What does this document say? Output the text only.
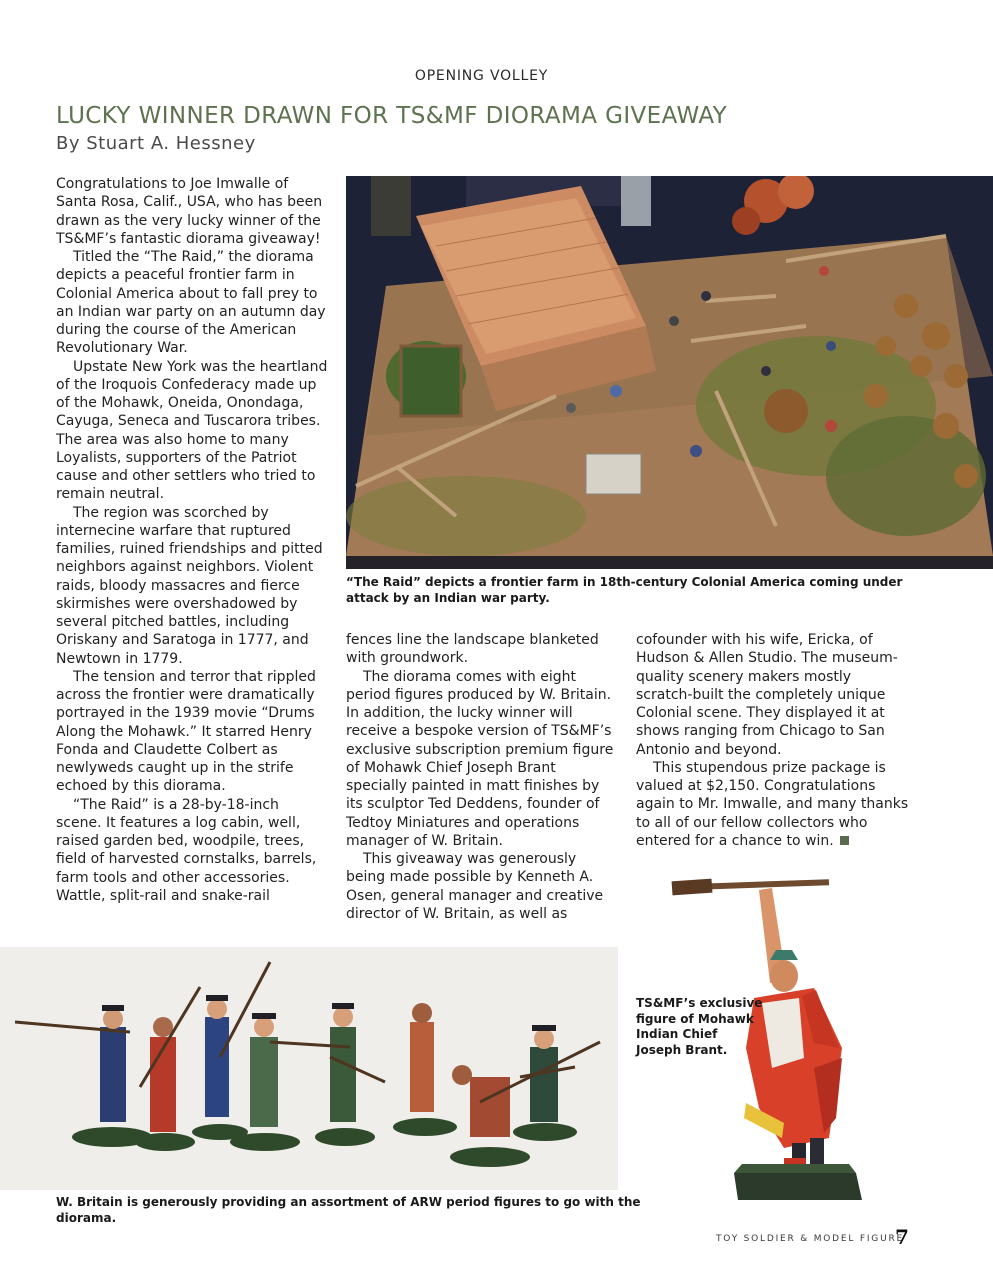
OPENING VOLLEY
LUCKY WINNER DRAWN FOR TS&MF DIORAMA GIVEAWAY
By Stuart A. Hessney

Congratulations to Joe Imwalle of Santa Rosa, Calif., USA, who has been drawn as the very lucky winner of the TS&MF’s fantastic diorama giveaway!

Titled the “The Raid,” the diorama depicts a peaceful frontier farm in Colonial America about to fall prey to an Indian war party on an autumn day during the course of the American Revolutionary War.

Upstate New York was the heartland of the Iroquois Confederacy made up of the Mohawk, Oneida, Onondaga, Cayuga, Seneca and Tuscarora tribes. The area was also home to many Loyalists, supporters of the Patriot cause and other settlers who tried to remain neutral.

The region was scorched by internecine warfare that ruptured families, ruined friendships and pitted neighbors against neighbors. Violent raids, bloody massacres and fierce skirmishes were overshadowed by several pitched battles, including Oriskany and Saratoga in 1777, and Newtown in 1779.

The tension and terror that rippled across the frontier were dramatically portrayed in the 1939 movie “Drums Along the Mohawk.” It starred Henry Fonda and Claudette Colbert as newlyweds caught up in the strife echoed by this diorama.

“The Raid” is a 28-by-18-inch scene. It features a log cabin, well, raised garden bed, woodpile, trees, field of harvested cornstalks, barrels, farm tools and other accessories. Wattle, split-rail and snake-rail

“The Raid” depicts a frontier farm in 18th-century Colonial America coming under attack by an Indian war party.

fences line the landscape blanketed with groundwork.

The diorama comes with eight period figures produced by W. Britain. In addition, the lucky winner will receive a bespoke version of TS&MF’s exclusive subscription premium figure of Mohawk Chief Joseph Brant specially painted in matt finishes by its sculptor Ted Deddens, founder of Tedtoy Miniatures and operations manager of W. Britain.

This giveaway was generously being made possible by Kenneth A. Osen, general manager and creative director of W. Britain, as well as

cofounder with his wife, Ericka, of Hudson & Allen Studio. The museum-quality scenery makers mostly scratch-built the completely unique Colonial scene. They displayed it at shows ranging from Chicago to San Antonio and beyond.

This stupendous prize package is valued at $2,150. Congratulations again to Mr. Imwalle, and many thanks to all of our fellow collectors who entered for a chance to win.

TS&MF’s exclusive figure of Mohawk Indian Chief Joseph Brant.
W. Britain is generously providing an assortment of ARW period figures to go with the diorama.
TOY SOLDIER & MODEL FIGURE
7
